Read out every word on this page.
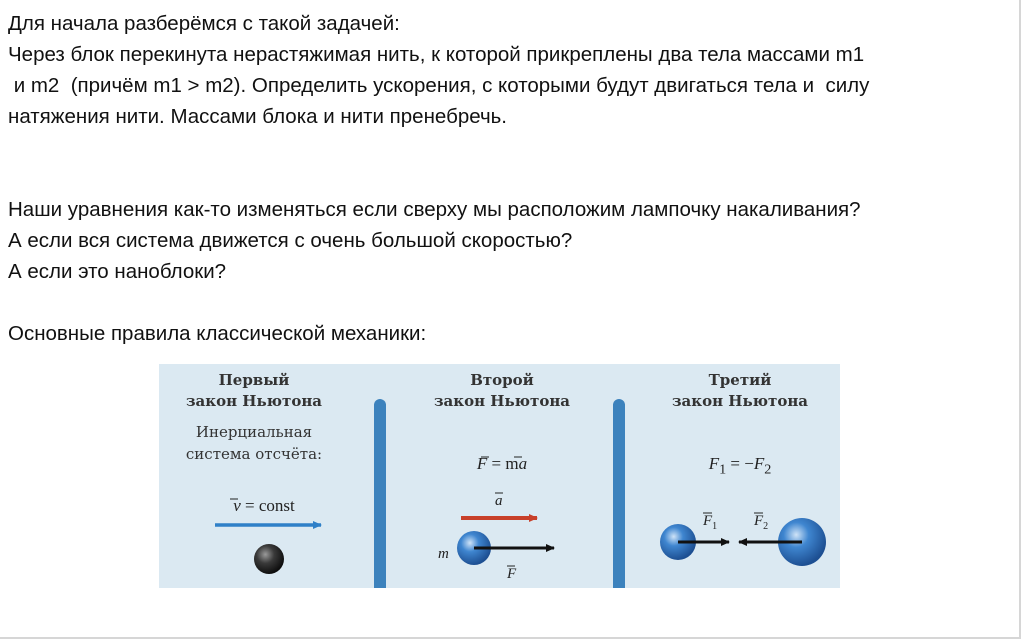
Для начала разберёмся с такой задачей:
Через блок перекинута нерастяжимая нить, к которой прикреплены два тела массами m1
и m2  (причём m1 > m2). Определить ускорения, с которыми будут двигаться тела и  силу
натяжения нити. Массами блока и нити пренебречь.
Наши уравнения как-то изменяться если сверху мы расположим лампочку накаливания?
А если вся система движется с очень большой скоростью?
А если это наноблоки?
Основные правила классической механики:
Первый
закон Ньютона
Инерциальная
система отсчёта:
v = const
Второй
закон Ньютона
F = ma
Третий
закон Ньютона
$F_1 = -F_2$
a
m
F
$F_1$ $F_2$
